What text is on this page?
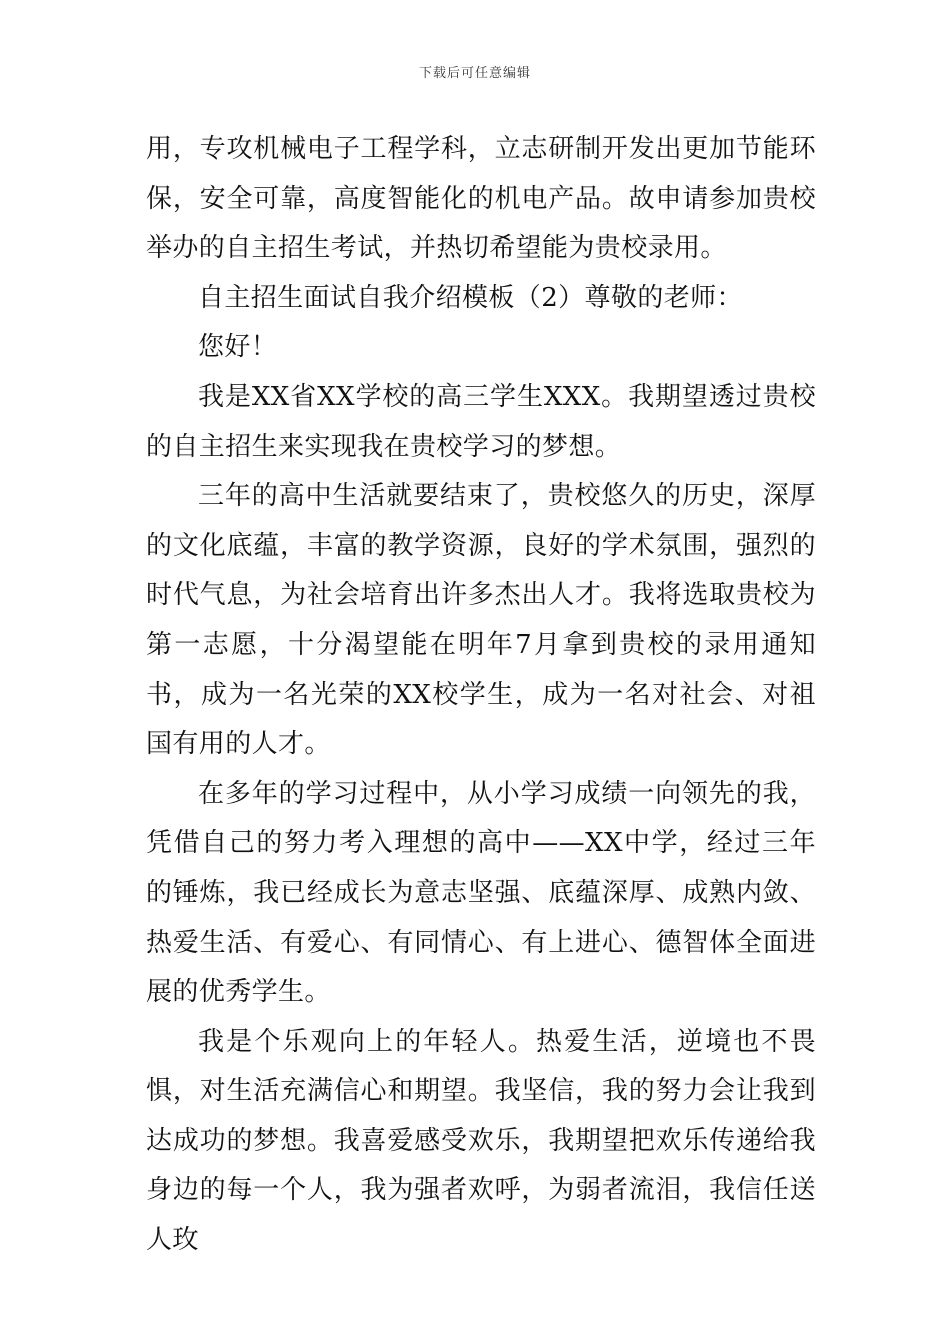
下载后可任意编辑

用，专攻机械电子工程学科，立志研制开发出更加节能环保，安全可靠，高度智能化的机电产品。故申请参加贵校举办的自主招生考试，并热切希望能为贵校录用。

自主招生面试自我介绍模板（2）尊敬的老师：

您好！

我是XX省XX学校的高三学生XXX。我期望透过贵校的自主招生来实现我在贵校学习的梦想。

三年的高中生活就要结束了，贵校悠久的历史，深厚的文化底蕴，丰富的教学资源，良好的学术氛围，强烈的时代气息，为社会培育出许多杰出人才。我将选取贵校为第一志愿，十分渴望能在明年7月拿到贵校的录用通知书，成为一名光荣的XX校学生，成为一名对社会、对祖国有用的人才。

在多年的学习过程中，从小学习成绩一向领先的我，凭借自己的努力考入理想的高中——XX中学，经过三年的锤炼，我已经成长为意志坚强、底蕴深厚、成熟内敛、热爱生活、有爱心、有同情心、有上进心、德智体全面进展的优秀学生。

我是个乐观向上的年轻人。热爱生活，逆境也不畏惧，对生活充满信心和期望。我坚信，我的努力会让我到达成功的梦想。我喜爱感受欢乐，我期望把欢乐传递给我身边的每一个人，我为强者欢呼，为弱者流泪，我信任送人玫
